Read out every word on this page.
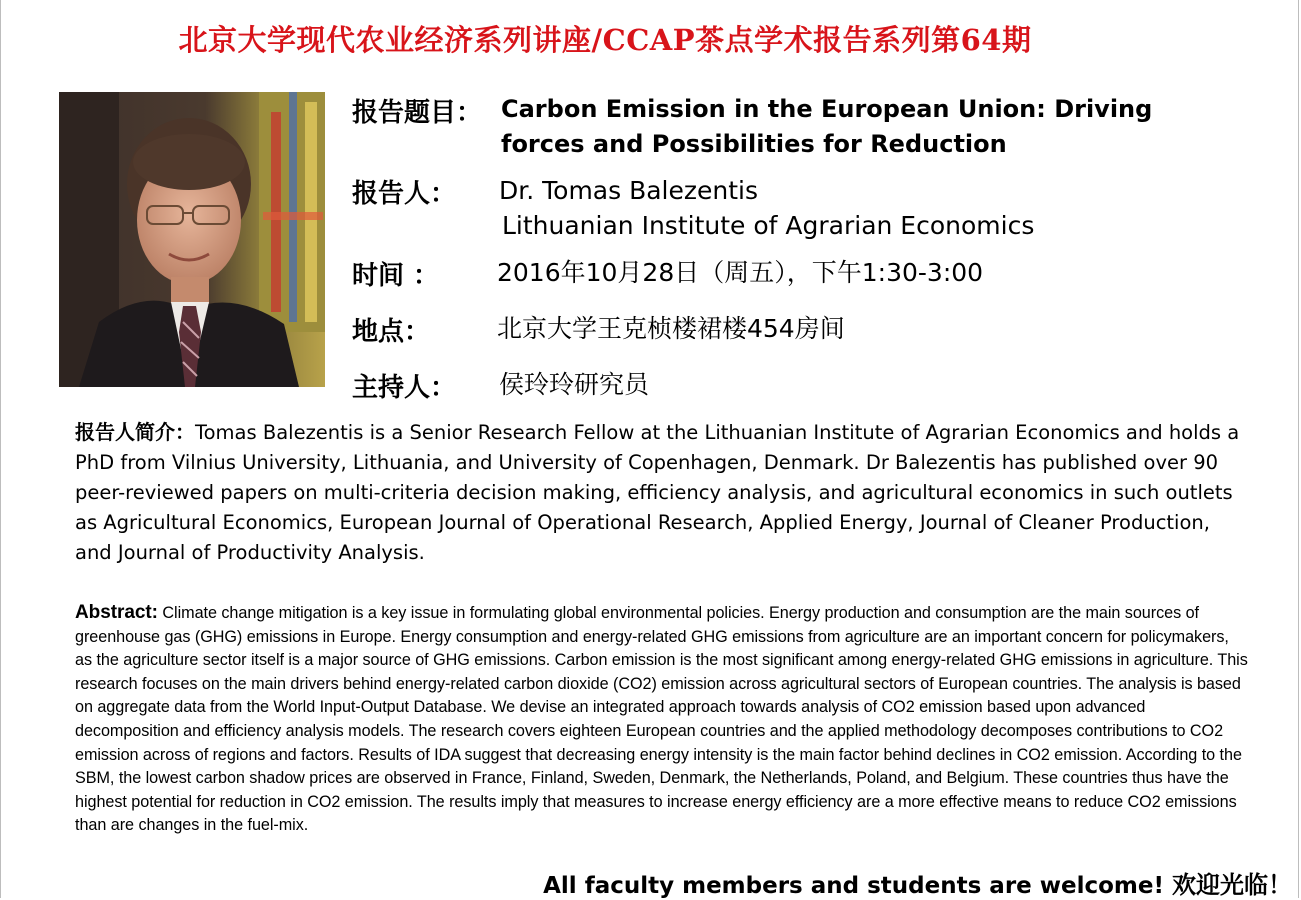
北京大学现代农业经济系列讲座/CCAP茶点学术报告系列第64期
报告题目： Carbon Emission in the European Union: Driving
forces and Possibilities for Reduction
报告人： Dr. Tomas Balezentis
Lithuanian Institute of Agrarian Economics
时间 ： 2016年10月28日（周五），下午1:30-3:00
地点：	北京大学王克桢楼裙楼454房间
主持人： 侯玲玲研究员
报告人简介：Tomas Balezentis is a Senior Research Fellow at the Lithuanian Institute of Agrarian Economics and holds a PhD from Vilnius University, Lithuania, and University of Copenhagen, Denmark. Dr Balezentis has published over 90 peer-reviewed papers on multi-criteria decision making, efficiency analysis, and agricultural economics in such outlets as Agricultural Economics, European Journal of Operational Research, Applied Energy, Journal of Cleaner Production, and Journal of Productivity Analysis.
Abstract: Climate change mitigation is a key issue in formulating global environmental policies. Energy production and consumption are the main sources of greenhouse gas (GHG) emissions in Europe. Energy consumption and energy-related GHG emissions from agriculture are an important concern for policymakers, as the agriculture sector itself is a major source of GHG emissions. Carbon emission is the most significant among energy-related GHG emissions in agriculture. This research focuses on the main drivers behind energy-related carbon dioxide (CO2) emission across agricultural sectors of European countries. The analysis is based on aggregate data from the World Input-Output Database. We devise an integrated approach towards analysis of CO2 emission based upon advanced decomposition and efficiency analysis models. The research covers eighteen European countries and the applied methodology decomposes contributions to CO2 emission across of regions and factors. Results of IDA suggest that decreasing energy intensity is the main factor behind declines in CO2 emission. According to the SBM, the lowest carbon shadow prices are observed in France, Finland, Sweden, Denmark, the Netherlands, Poland, and Belgium. These countries thus have the highest potential for reduction in CO2 emission. The results imply that measures to increase energy efficiency are a more effective means to reduce CO2 emissions than are changes in the fuel-mix.
All faculty members and students are welcome! 欢迎光临！
